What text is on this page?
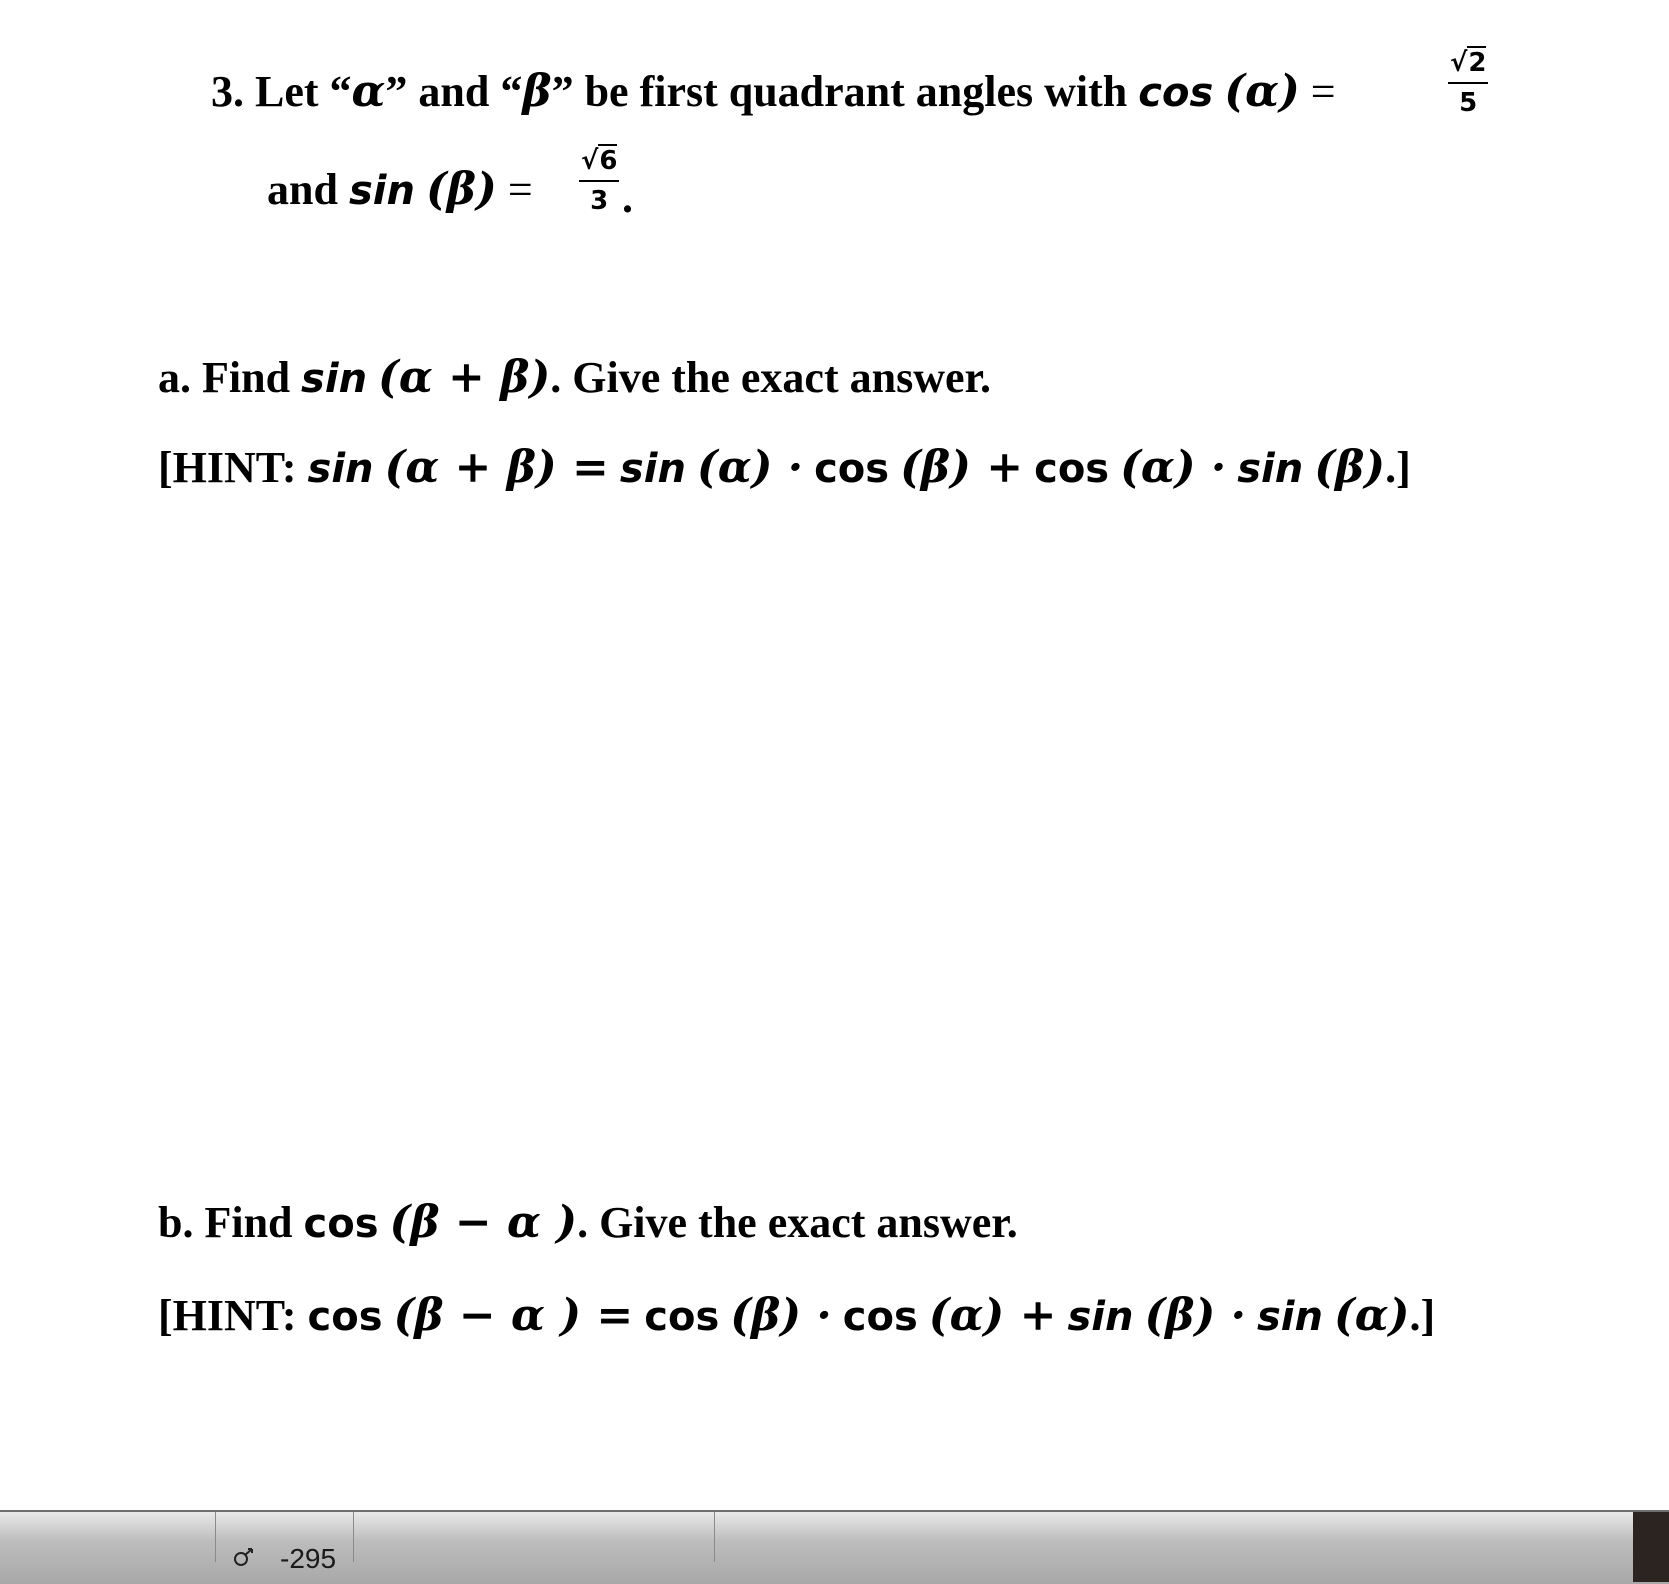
3. Let “α” and “β” be first quadrant angles with cos (α) =
√2
5
and sin (β) =
√6
3 .
a. Find sin (α + β). Give the exact answer.
[HINT: sin (α + β) = sin (α) · cos (β) + cos (α) · sin (β).]
b. Find cos (β − α ). Give the exact answer.
[HINT: cos (β − α ) = cos (β) · cos (α) + sin (β) · sin (α).]
-295
